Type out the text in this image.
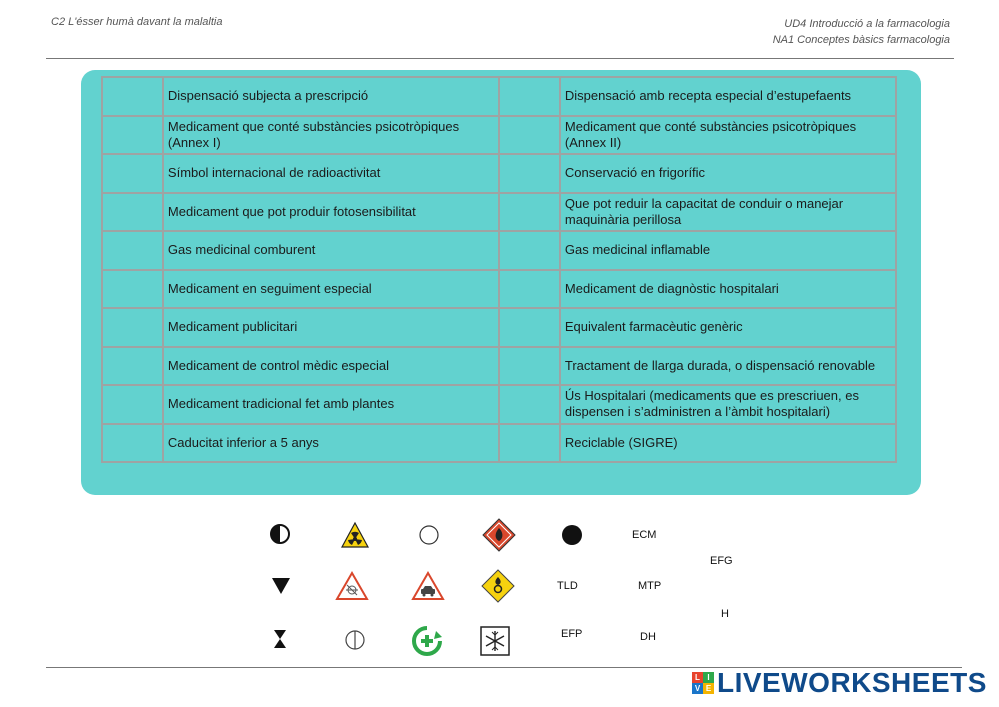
C2 L'ésser humà davant la malaltia	UD4 Introducció a la farmacologia
NA1 Conceptes bàsics farmacologia
	Dispensació subjecta a prescripció		Dispensació amb recepta especial d’estupefaents
	Medicament que conté substàncies psicotròpiques (Annex I)		Medicament que conté substàncies psicotròpiques (Annex II)
	Símbol internacional de radioactivitat		Conservació en frigorífic
	Medicament que pot produir fotosensibilitat		Que pot reduir la capacitat de conduir o manejar maquinària perillosa
	Gas medicinal comburent		Gas medicinal inflamable
	Medicament en seguiment especial		Medicament de diagnòstic hospitalari
	Medicament publicitari		Equivalent farmacèutic genèric
	Medicament de control mèdic especial		Tractament de llarga durada, o dispensació renovable
	Medicament tradicional fet amb plantes		Ús Hospitalari (medicaments que es prescriuen, es dispensen i s’administren a l’àmbit hospitalari)
	Caducitat inferior a 5 anys		Reciclable (SIGRE)
ECM
EFG
TLD	MTP
H
EFP	DH
L I
V E LIVEWORKSHEETS
